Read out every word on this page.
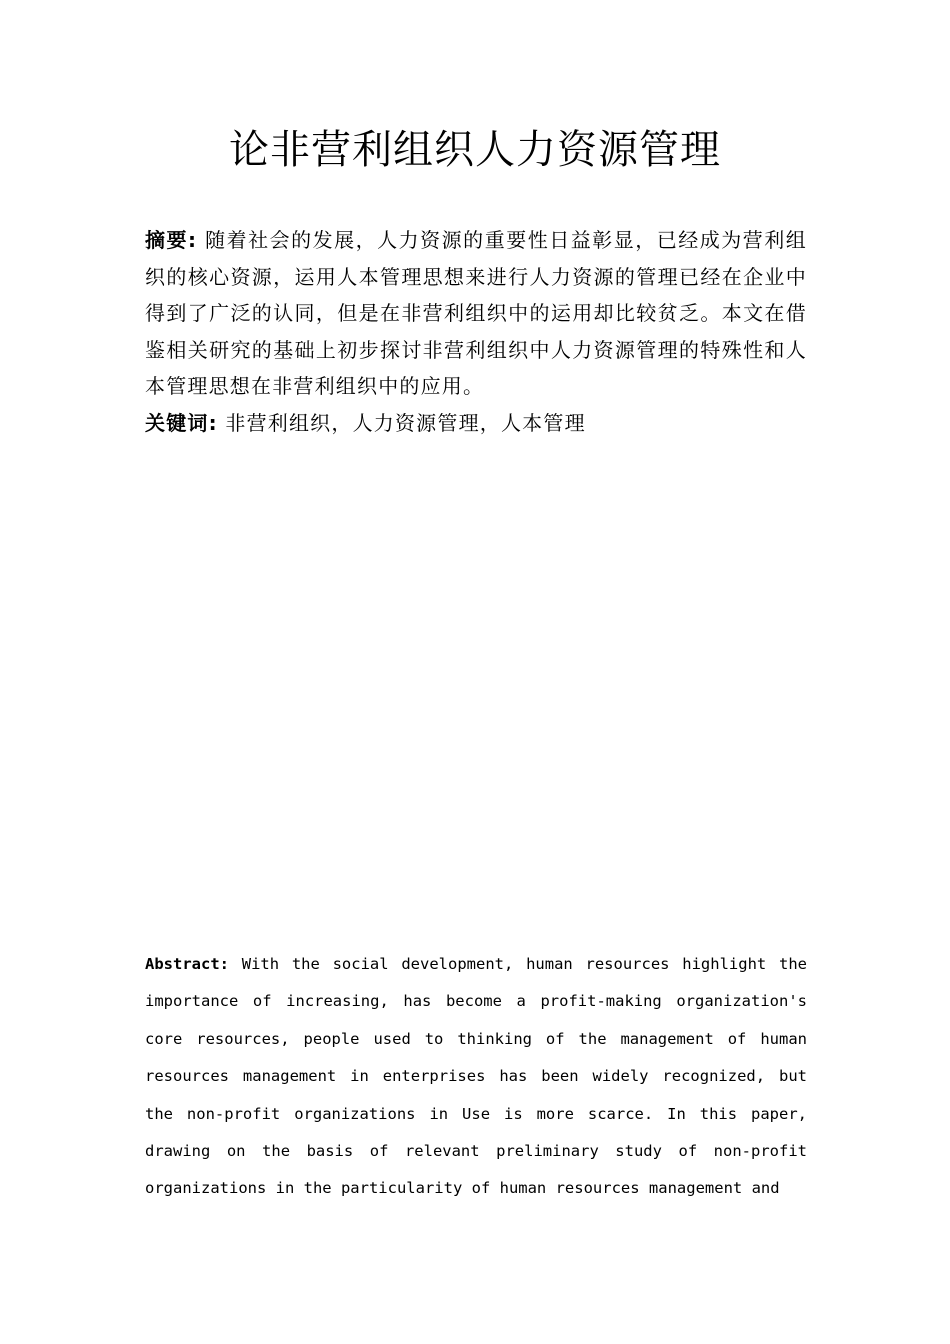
论非营利组织人力资源管理

摘要: 随着社会的发展，人力资源的重要性日益彰显，已经成为营利组织的核心资源，运用人本管理思想来进行人力资源的管理已经在企业中得到了广泛的认同，但是在非营利组织中的运用却比较贫乏。本文在借鉴相关研究的基础上初步探讨非营利组织中人力资源管理的特殊性和人本管理思想在非营利组织中的应用。

关键词: 非营利组织，人力资源管理，人本管理

Abstract: With the social development, human resources highlight the importance of increasing, has become a profit-making organization's core resources, people used to thinking of the management of human resources management in enterprises has been widely recognized, but the non-profit organizations in Use is more scarce. In this paper, drawing on the basis of relevant preliminary study of non-profit organizations in the particularity of human resources management and
